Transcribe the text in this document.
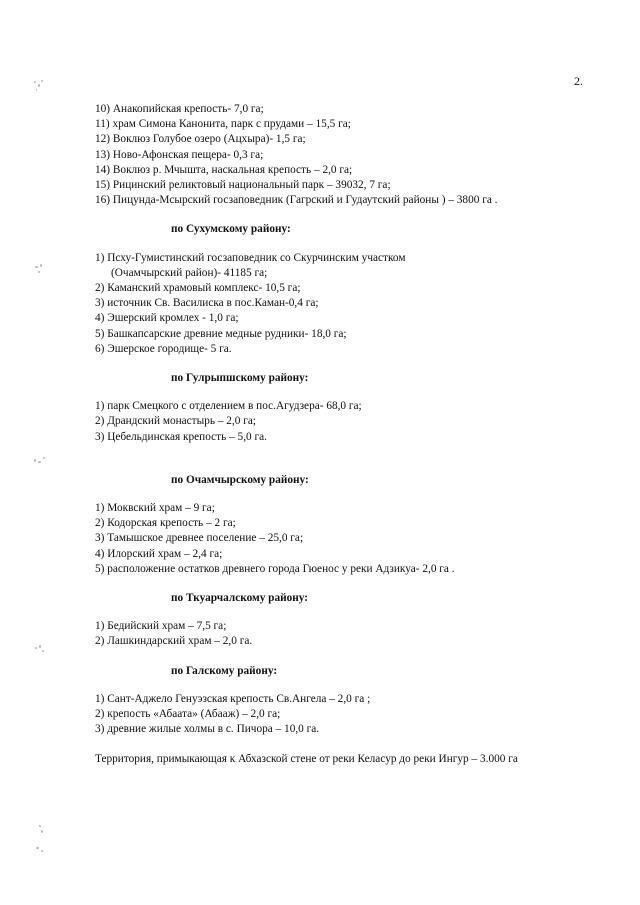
2.
10) Анакопийская крепость- 7,0 га;
11) храм Симона Канонита, парк с прудами – 15,5 га;
12) Воклюз Голубое озеро (Ацхыра)- 1,5 га;
13) Ново-Афонская пещера- 0,3 га;
14) Воклюз р. Мчышта, наскальная крепость – 2,0 га;
15) Рицинский реликтовый национальный парк – 39032, 7 га;
16) Пицунда-Мсырский госзаповедник (Гагрский и Гудаутский районы ) – 3800 га .
по Сухумскому району:
1) Псху-Гумистинский госзаповедник со Скурчинским участком
(Очамчырский район)- 41185 га;
2) Каманский храмовый комплекс- 10,5 га;
3) источник Св. Василиска в пос.Каман-0,4 га;
4) Эшерский кромлех - 1,0 га;
5) Башкапсарские древние медные рудники- 18,0 га;
6) Эшерское городище- 5 га.
по Гулрыпшскому району:
1) парк Смецкого с отделением в пос.Агудзера- 68,0 га;
2) Драндский монастырь – 2,0 га;
3) Цебельдинская крепость – 5,0 га.
по Очамчырскому району:
1) Моквский храм – 9 га;
2) Кодорская крепость – 2 га;
3) Тамышское древнее поселение – 25,0 га;
4) Илорский храм – 2,4 га;
5) расположение остатков древнего города Гюенос у реки Адзикуа- 2,0 га .
по Ткуарчалскому району:
1) Бедийский храм – 7,5 га;
2) Лашкиндарский храм – 2,0 га.
по Галскому району:
1) Сант-Аджело Генуэзская крепость Св.Ангела – 2,0 га ;
2) крепость «Абаата» (Абааж) – 2,0 га;
3) древние жилые холмы в с. Пичора – 10,0 га.
Территория, примыкающая к Абхазской стене от реки Келасур до реки Ингур – 3.000 га
